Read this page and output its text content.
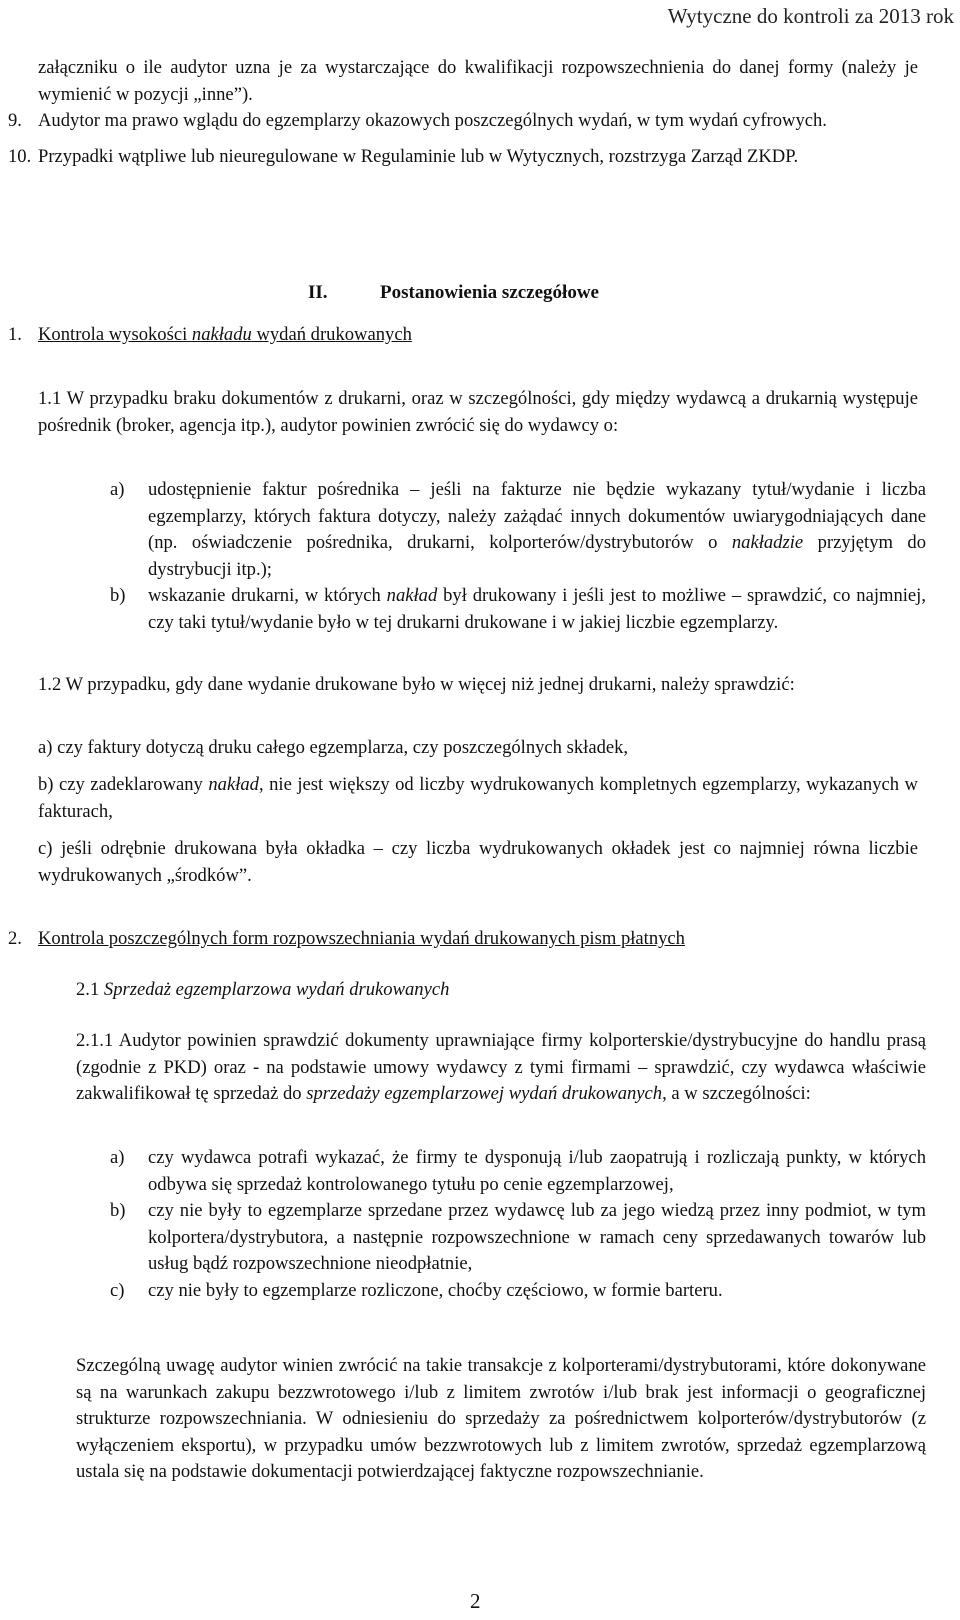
Wytyczne do kontroli za 2013 rok

załączniku o ile audytor uzna je za wystarczające do kwalifikacji rozpowszechnienia do danej formy (należy je wymienić w pozycji „inne”).

9. Audytor ma prawo wglądu do egzemplarzy okazowych poszczególnych wydań, w tym wydań cyfrowych.

10. Przypadki wątpliwe lub nieuregulowane w Regulaminie lub w Wytycznych, rozstrzyga Zarząd ZKDP.

II.	Postanowienia szczegółowe
1. Kontrola wysokości nakładu wydań drukowanych

1.1 W przypadku braku dokumentów z drukarni, oraz w szczególności, gdy między wydawcą a drukarnią występuje pośrednik (broker, agencja itp.), audytor powinien zwrócić się do wydawcy o:

a) udostępnienie faktur pośrednika – jeśli na fakturze nie będzie wykazany tytuł/wydanie i liczba egzemplarzy, których faktura dotyczy, należy zażądać innych dokumentów uwiarygodniających dane (np. oświadczenie pośrednika, drukarni, kolporterów/dystrybutorów o nakładzie przyjętym do dystrybucji itp.);

b) wskazanie drukarni, w których nakład był drukowany i jeśli jest to możliwe – sprawdzić, co najmniej, czy taki tytuł/wydanie było w tej drukarni drukowane i w jakiej liczbie egzemplarzy.

1.2 W przypadku, gdy dane wydanie drukowane było w więcej niż jednej drukarni, należy sprawdzić:

a) czy faktury dotyczą druku całego egzemplarza, czy poszczególnych składek,

b) czy zadeklarowany nakład, nie jest większy od liczby wydrukowanych kompletnych egzemplarzy, wykazanych w fakturach,

c) jeśli odrębnie drukowana była okładka – czy liczba wydrukowanych okładek jest co najmniej równa liczbie wydrukowanych „środków”.

2. Kontrola poszczególnych form rozpowszechniania wydań drukowanych pism płatnych
2.1 Sprzedaż egzemplarzowa wydań drukowanych

2.1.1 Audytor powinien sprawdzić dokumenty uprawniające firmy kolporterskie/dystrybucyjne do handlu prasą (zgodnie z PKD) oraz - na podstawie umowy wydawcy z tymi firmami – sprawdzić, czy wydawca właściwie zakwalifikował tę sprzedaż do sprzedaży egzemplarzowej wydań drukowanych, a w szczególności:

a) czy wydawca potrafi wykazać, że firmy te dysponują i/lub zaopatrują i rozliczają punkty, w których odbywa się sprzedaż kontrolowanego tytułu po cenie egzemplarzowej,

b) czy nie były to egzemplarze sprzedane przez wydawcę lub za jego wiedzą przez inny podmiot, w tym kolportera/dystrybutora, a następnie rozpowszechnione w ramach ceny sprzedawanych towarów lub usług bądź rozpowszechnione nieodpłatnie,

c) czy nie były to egzemplarze rozliczone, choćby częściowo, w formie barteru.

Szczególną uwagę audytor winien zwrócić na takie transakcje z kolporterami/dystrybutorami, które dokonywane są na warunkach zakupu bezzwrotowego i/lub z limitem zwrotów i/lub brak jest informacji o geograficznej strukturze rozpowszechniania. W odniesieniu do sprzedaży za pośrednictwem kolporterów/dystrybutorów (z wyłączeniem eksportu), w przypadku umów bezzwrotowych lub z limitem zwrotów, sprzedaż egzemplarzową ustala się na podstawie dokumentacji potwierdzającej faktyczne rozpowszechnianie.

2
